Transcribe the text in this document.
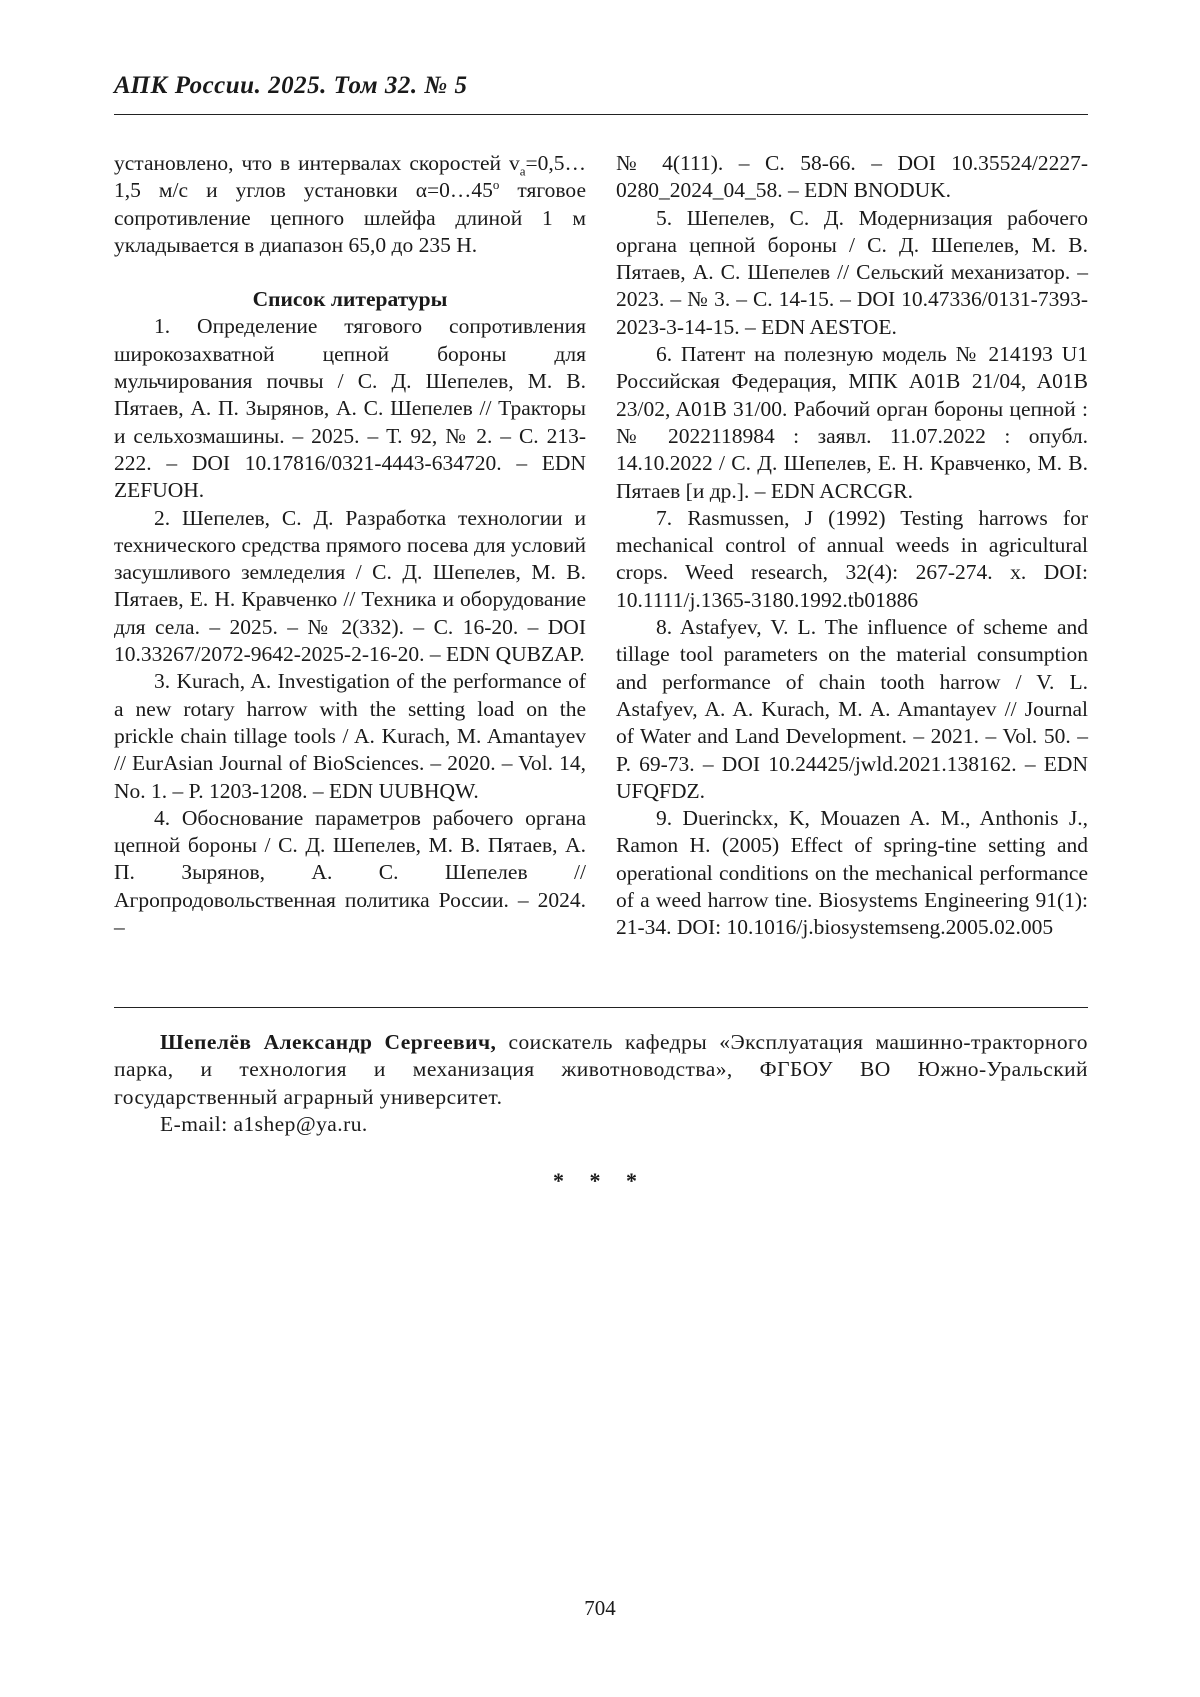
АПК России. 2025. Том 32. № 5

установлено, что в интервалах скоростей $v_a=0,5\dots 1,5$ м/с и углов установки $\alpha=0\dots 45^o$ тяговое сопротивление цепного шлейфа длиной 1 м укладывается в диапазон 65,0 до 235 Н.

Список литературы

1. Определение тягового сопротивления широкозахватной цепной бороны для мульчирования почвы / С. Д. Шепелев, М. В. Пятаев, А. П. Зырянов, А. С. Шепелев // Тракторы и сельхозмашины. – 2025. – Т. 92, № 2. – С. 213-222. – DOI 10.17816/0321-4443-634720. – EDN ZEFUOH.

2. Шепелев, С. Д. Разработка технологии и технического средства прямого посева для условий засушливого земледелия / С. Д. Шепелев, М. В. Пятаев, Е. Н. Кравченко // Техника и оборудование для села. – 2025. – № 2(332). – С. 16-20. – DOI 10.33267/2072-9642-2025-2-16-20. – EDN QUBZAP.

3. Kurach, A. Investigation of the performance of a new rotary harrow with the setting load on the prickle chain tillage tools / A. Kurach, M. Amantayev // EurAsian Journal of BioSciences. – 2020. – Vol. 14, No. 1. – P. 1203-1208. – EDN UUBHQW.

4. Обоснование параметров рабочего органа цепной бороны / С. Д. Шепелев, М. В. Пятаев, А. П. Зырянов, А. С. Шепелев // Агропродовольственная политика России. – 2024. –

№ 4(111). – С. 58-66. – DOI 10.35524/2227-0280_2024_04_58. – EDN BNODUK.

5. Шепелев, С. Д. Модернизация рабочего органа цепной бороны / С. Д. Шепелев, М. В. Пятаев, А. С. Шепелев // Сельский механизатор. – 2023. – № 3. – С. 14-15. – DOI 10.47336/0131-7393-2023-3-14-15. – EDN AESTOE.

6. Патент на полезную модель № 214193 U1 Российская Федерация, МПК A01B 21/04, A01B 23/02, A01B 31/00. Рабочий орган бороны цепной : № 2022118984 : заявл. 11.07.2022 : опубл. 14.10.2022 / С. Д. Шепелев, Е. Н. Кравченко, М. В. Пятаев [и др.]. – EDN ACRCGR.

7. Rasmussen, J (1992) Testing harrows for mechanical control of annual weeds in agricultural crops. Weed research, 32(4): 267-274. x. DOI: 10.1111/j.1365-3180.1992.tb01886

8. Astafyev, V. L. The influence of scheme and tillage tool parameters on the material consumption and performance of chain tooth harrow / V. L. Astafyev, A. A. Kurach, M. A. Amantayev // Journal of Water and Land Development. – 2021. – Vol. 50. – P. 69-73. – DOI 10.24425/jwld.2021.138162. – EDN UFQFDZ.

9. Duerinckx, K, Mouazen A. M., Anthonis J., Ramon H. (2005) Effect of spring-tine setting and operational conditions on the mechanical performance of a weed harrow tine. Biosystems Engineering 91(1): 21-34. DOI: 10.1016/j.biosystemseng.2005.02.005

Шепелёв Александр Сергеевич, соискатель кафедры «Эксплуатация машинно-тракторного парка, и технология и механизация животноводства», ФГБОУ ВО Южно-Уральский государственный аграрный университет.

E-mail: a1shep@ya.ru.

* * *
704
